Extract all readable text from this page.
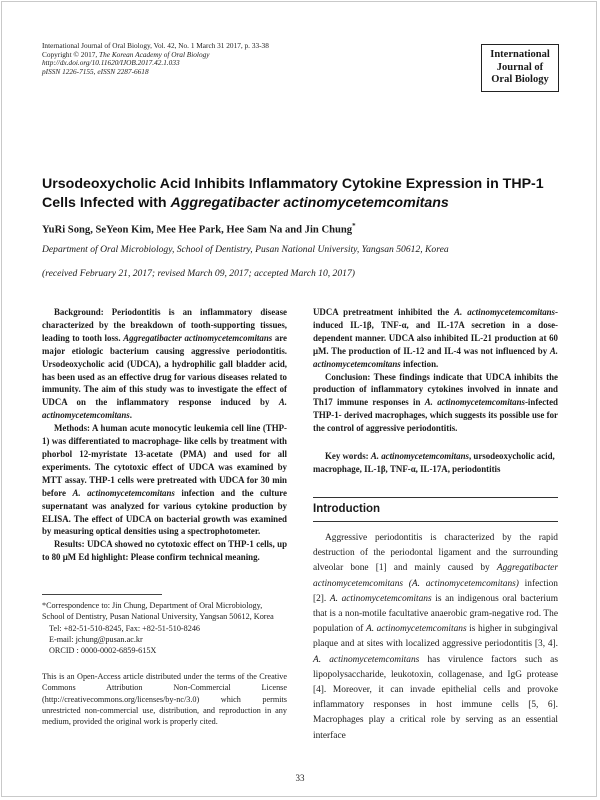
International Journal of Oral Biology, Vol. 42, No. 1 March 31 2017, p. 33-38
Copyright © 2017, The Korean Academy of Oral Biology
http://dx.doi.org/10.11620/IJOB.2017.42.1.033
pISSN 1226-7155, eISSN 2287-6618
International
Journal of
Oral Biology
Ursodeoxycholic Acid Inhibits Inflammatory Cytokine Expression in THP-1
Cells Infected with Aggregatibacter actinomycetemcomitans
YuRi Song, SeYeon Kim, Mee Hee Park, Hee Sam Na and Jin Chung*
Department of Oral Microbiology, School of Dentistry, Pusan National University, Yangsan 50612, Korea
(received February 21, 2017; revised March 09, 2017; accepted March 10, 2017)

Background: Periodontitis is an inflammatory disease characterized by the breakdown of tooth-supporting tissues, leading to tooth loss. Aggregatibacter actinomycetemcomitans are major etiologic bacterium causing aggressive periodontitis. Ursodeoxycholic acid (UDCA), a hydrophilic gall bladder acid, has been used as an effective drug for various diseases related to immunity. The aim of this study was to investigate the effect of UDCA on the inflammatory response induced by A. actinomycetemcomitans.

Methods: A human acute monocytic leukemia cell line (THP-1) was differentiated to macrophage- like cells by treatment with phorbol 12-myristate 13-acetate (PMA) and used for all experiments. The cytotoxic effect of UDCA was examined by MTT assay. THP-1 cells were pretreated with UDCA for 30 min before A. actinomycetemcomitans infection and the culture supernatant was analyzed for various cytokine production by ELISA. The effect of UDCA on bacterial growth was examined by measuring optical densities using a spectrophotometer.

Results: UDCA showed no cytotoxic effect on THP-1 cells, up to 80 μM Ed highlight: Please confirm technical meaning.

UDCA pretreatment inhibited the A. actinomycetemcomitans-induced IL-1β, TNF-α, and IL-17A secretion in a dose-dependent manner. UDCA also inhibited IL-21 production at 60 μM. The production of IL-12 and IL-4 was not influenced by A. actinomycetemcomitans infection.

Conclusion: These findings indicate that UDCA inhibits the production of inflammatory cytokines involved in innate and Th17 immune responses in A. actinomycetemcomitans-infected THP-1- derived macrophages, which suggests its possible use for the control of aggressive periodontitis.

Key words: A. actinomycetemcomitans, ursodeoxycholic acid, macrophage, IL-1β, TNF-α, IL-17A, periodontitis

Introduction

Aggressive periodontitis is characterized by the rapid destruction of the periodontal ligament and the surrounding alveolar bone [1] and mainly caused by Aggregatibacter actinomycetemcomitans (A. actinomycetemcomitans) infection [2]. A. actinomycetemcomitans is an indigenous oral bacterium that is a non-motile facultative anaerobic gram-negative rod. The population of A. actinomycetemcomitans is higher in subgingival plaque and at sites with localized aggressive periodontitis [3, 4]. A. actinomycetemcomitans has virulence factors such as lipopolysaccharide, leukotoxin, collagenase, and IgG protease [4]. Moreover, it can invade epithelial cells and provoke inflammatory responses in host immune cells [5, 6]. Macrophages play a critical role by serving as an essential interface

*Correspondence to: Jin Chung, Department of Oral Microbiology, School of Dentistry, Pusan National University, Yangsan 50612, Korea
Tel: +82-51-510-8245, Fax: +82-51-510-8246
E-mail: jchung@pusan.ac.kr
ORCID : 0000-0002-6859-615X
This is an Open-Access article distributed under the terms of the Creative Commons Attribution Non-Commercial License (http://creativecommons.org/licenses/by-nc/3.0) which permits unrestricted non-commercial use, distribution, and reproduction in any medium, provided the original work is properly cited.
33
